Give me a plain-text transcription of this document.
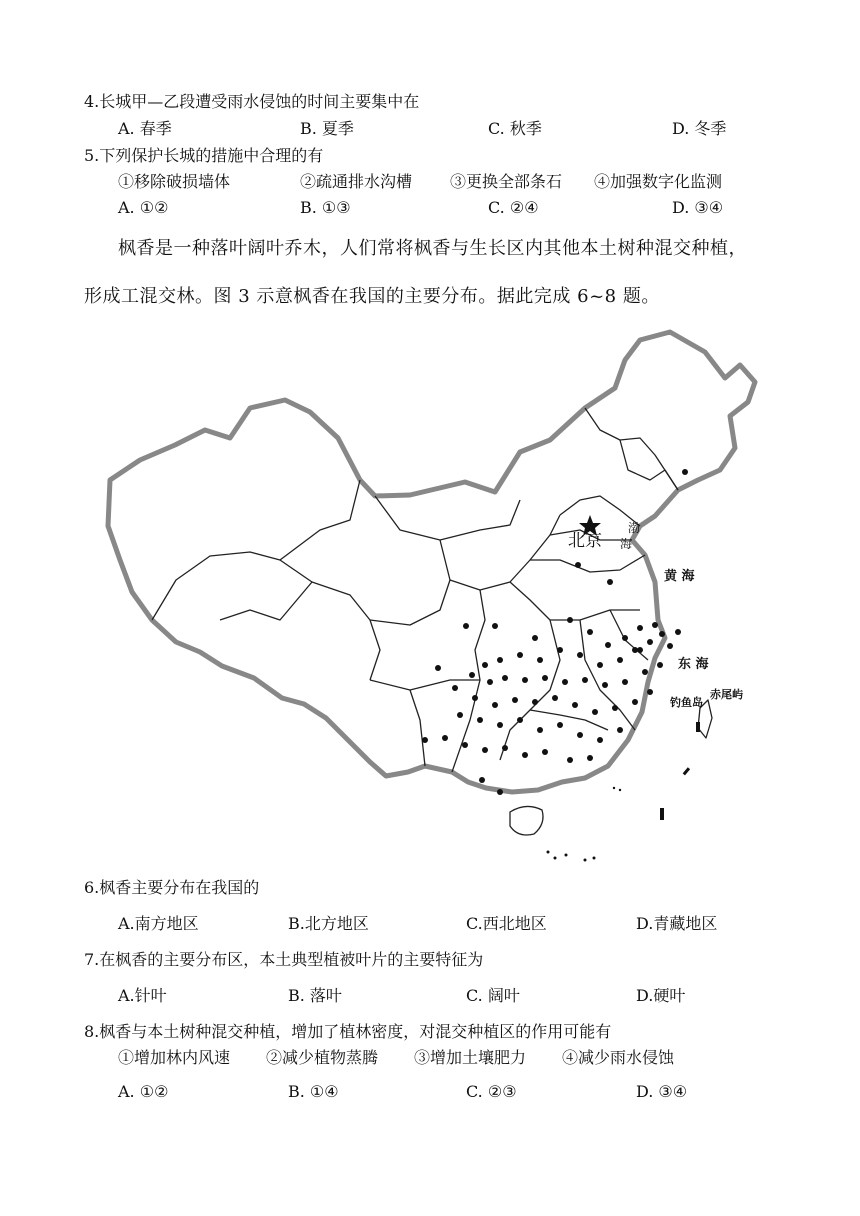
4.长城甲—乙段遭受雨水侵蚀的时间主要集中在
A. 春季	B. 夏季	C. 秋季	D. 冬季
5.下列保护长城的措施中合理的有
①移除破损墙体	②疏通排水沟槽 ③更换全部条石 ④加强数字化监测
A. ①②	B. ①③	C. ②④	D. ③④
枫香是一种落叶阔叶乔木，人们常将枫香与生长区内其他本土树种混交种植，
形成工混交林。图 3 示意枫香在我国的主要分布。据此完成 6~8 题。
北京
渤
海
黄 海
东 海
钓鱼岛
赤尾屿
6.枫香主要分布在我国的
A.南方地区	B.北方地区	C.西北地区	D.青藏地区
7.在枫香的主要分布区，本土典型植被叶片的主要特征为
A.针叶	B. 落叶	C. 阔叶	D.硬叶
8.枫香与本土树种混交种植，增加了植林密度，对混交种植区的作用可能有
①增加林内风速 ②减少植物蒸腾 ③增加土壤肥力 ④减少雨水侵蚀
A. ①②	B. ①④	C. ②③	D. ③④
